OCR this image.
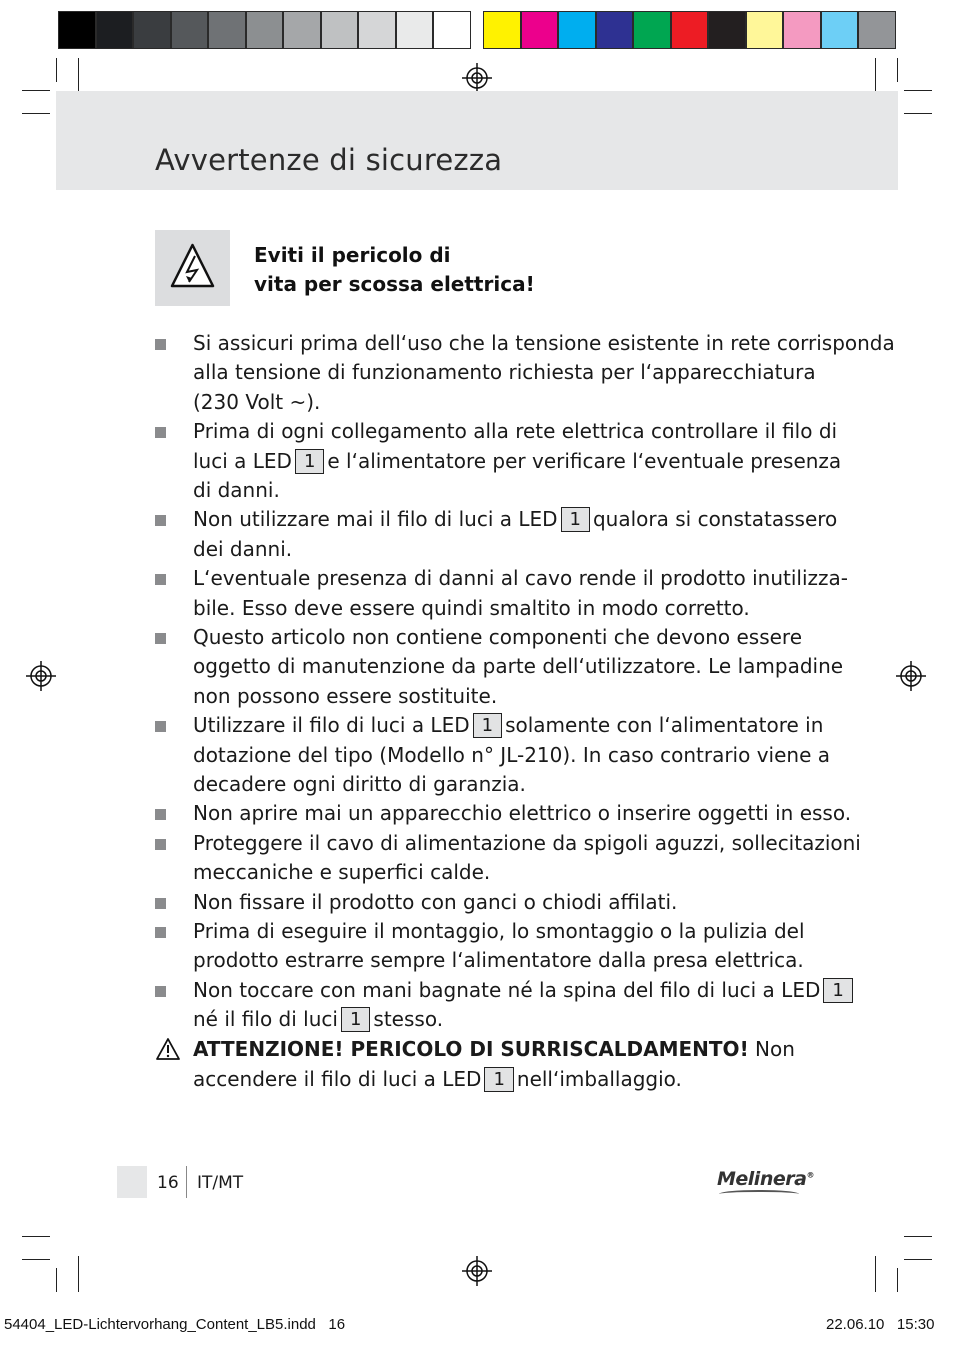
Avvertenze di sicurezza
Eviti il pericolo di
vita per scossa elettrica!
Si assicuri prima dell‘uso che la tensione esistente in rete corrisponda
alla tensione di funzionamento richiesta per l‘apparecchiatura
(230 Volt ~).
Prima di ogni collegamento alla rete elettrica controllare il filo di
luci a LED 1 e l‘alimentatore per verificare l‘eventuale presenza
di danni.
Non utilizzare mai il filo di luci a LED 1 qualora si constatassero
dei danni.
L‘eventuale presenza di danni al cavo rende il prodotto inutilizza-
bile. Esso deve essere quindi smaltito in modo corretto.
Questo articolo non contiene componenti che devono essere
oggetto di manutenzione da parte dell‘utilizzatore. Le lampadine
non possono essere sostituite.
Utilizzare il filo di luci a LED 1 solamente con l‘alimentatore in
dotazione del tipo (Modello n° JL-210). In caso contrario viene a
decadere ogni diritto di garanzia.
Non aprire mai un apparecchio elettrico o inserire oggetti in esso.
Proteggere il cavo di alimentazione da spigoli aguzzi, sollecitazioni
meccaniche e superfici calde.
Non fissare il prodotto con ganci o chiodi affilati.
Prima di eseguire il montaggio, lo smontaggio o la pulizia del
prodotto estrarre sempre l‘alimentatore dalla presa elettrica.
Non toccare con mani bagnate né la spina del filo di luci a LED 1
né il filo di luci 1 stesso.
ATTENZIONE! PERICOLO DI SURRISCALDAMENTO! Non
accendere il filo di luci a LED 1 nell‘imballaggio.
16 IT/MT	Melinera®
54404_LED-Lichtervorhang_Content_LB5.indd   16	22.06.10   15:30
